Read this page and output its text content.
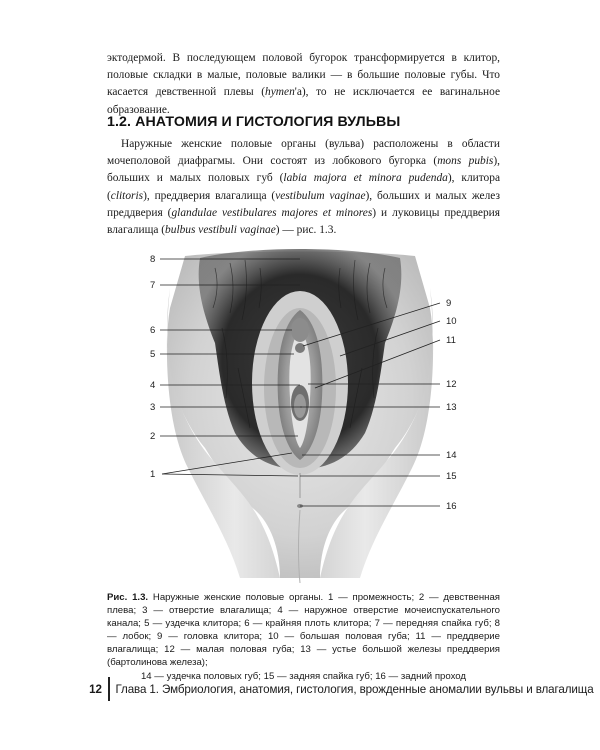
эктодермой. В последующем половой бугорок трансформируется в клитор, половые складки в малые, половые валики — в большие половые губы. Что касается девственной плевы (hymen'а), то не исключается ее вагинальное образование.

1.2. АНАТОМИЯ И ГИСТОЛОГИЯ ВУЛЬВЫ

Наружные женские половые органы (вульва) расположены в области мочеполовой диафрагмы. Они состоят из лобкового бугорка (mons pubis), больших и малых половых губ (labia majora et minora pudenda), клитора (clitoris), преддверия влагалища (vestibulum vaginae), больших и малых желез преддверия (glandulae vestibulares majores et minores) и луковицы преддверия влагалища (bulbus vestibuli vaginae) — рис. 1.3.

8
7
6
5
4
3
2
1
9
10
11
12
13
14
15
16

Рис. 1.3. Наружные женские половые органы. 1 — промежность; 2 — девственная плева; 3 — отверстие влагалища; 4 — наружное отверстие мочеиспускательного канала; 5 — уздечка клитора; 6 — крайняя плоть клитора; 7 — передняя спайка губ; 8 — лобок; 9 — головка клитора; 10 — большая половая губа; 11 — преддверие влагалища; 12 — малая половая губа; 13 — устье большой железы преддверия (бартолинова железа);
14 — уздечка половых губ; 15 — задняя спайка губ; 16 — задний проход

12 Глава 1. Эмбриология, анатомия, гистология, врожденные аномалии вульвы и влагалища
